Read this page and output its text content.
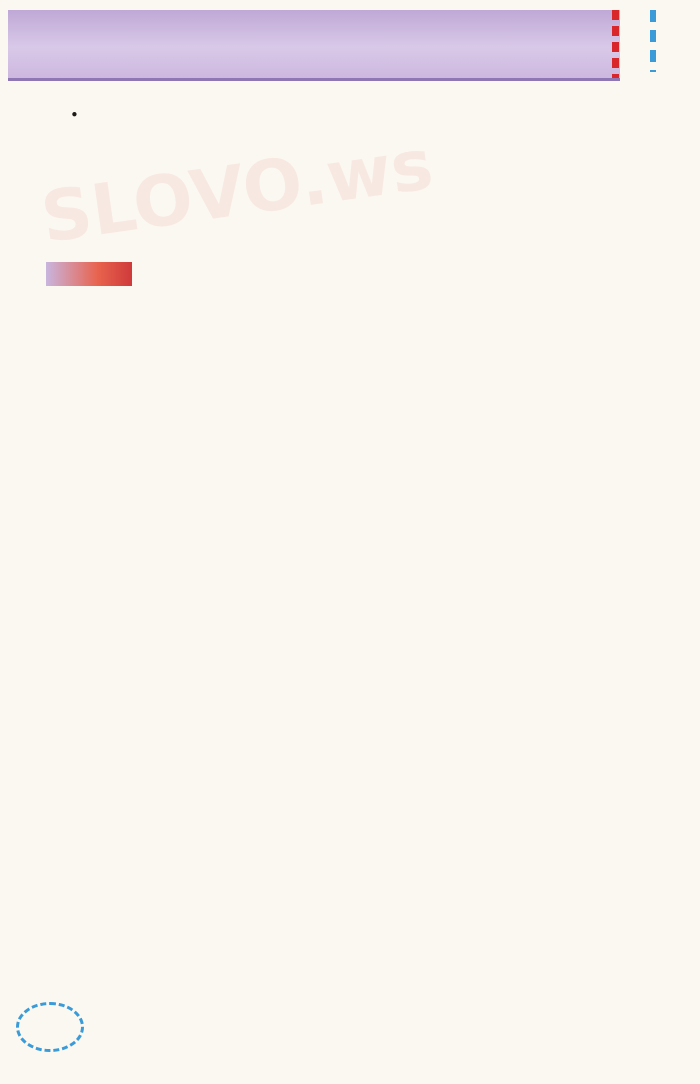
SLOVO.ws
•
